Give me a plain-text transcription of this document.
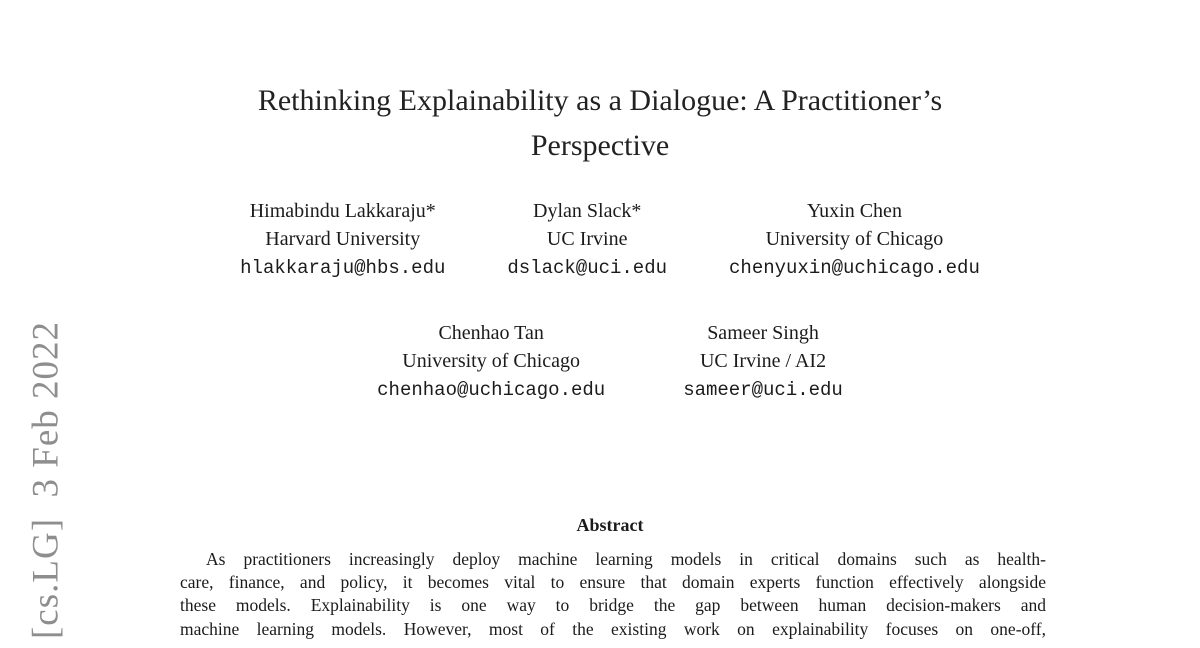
[cs.LG]  3 Feb 2022
Rethinking Explainability as a Dialogue: A Practitioner’s Perspective
Himabindu Lakkaraju*
Harvard University
hlakkaraju@hbs.edu
Dylan Slack*
UC Irvine
dslack@uci.edu
Yuxin Chen
University of Chicago
chenyuxin@uchicago.edu
Chenhao Tan
University of Chicago
chenhao@uchicago.edu
Sameer Singh
UC Irvine / AI2
sameer@uci.edu
Abstract
As practitioners increasingly deploy machine learning models in critical domains such as health-
care, finance, and policy, it becomes vital to ensure that domain experts function effectively alongside
these models. Explainability is one way to bridge the gap between human decision-makers and
machine learning models. However, most of the existing work on explainability focuses on one-off,
